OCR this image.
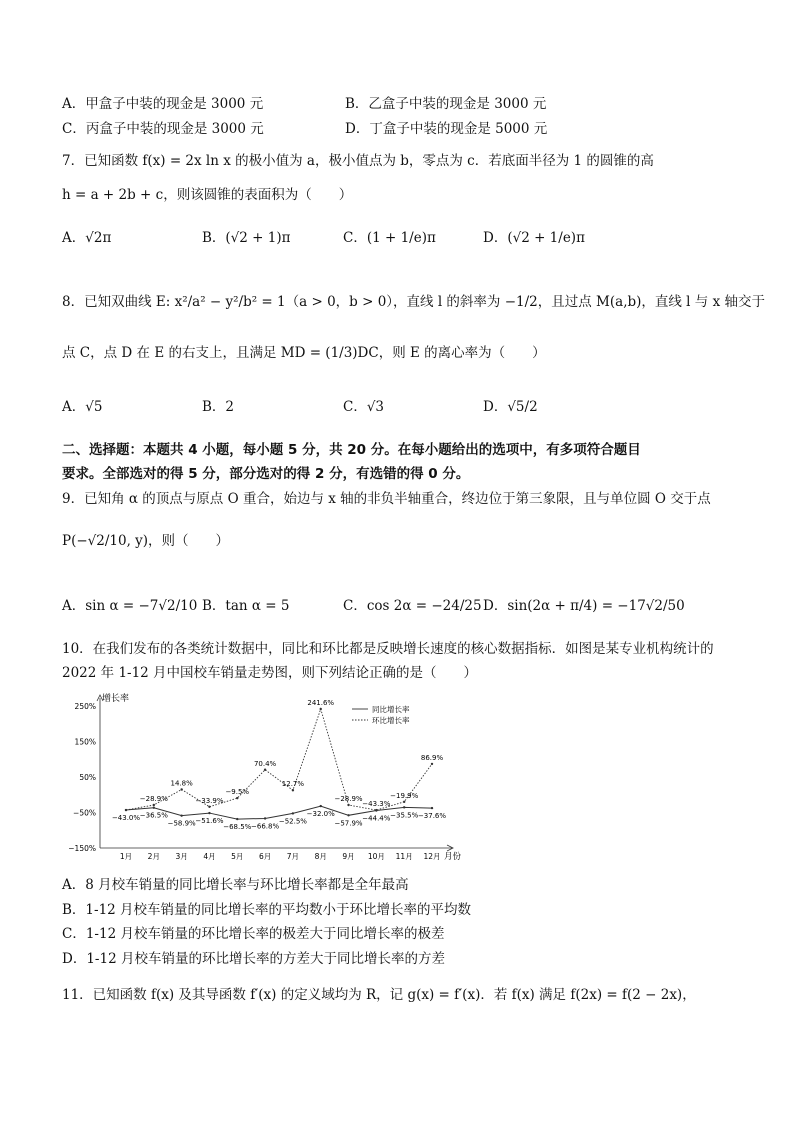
A．甲盒子中装的现金是 3000 元	B．乙盒子中装的现金是 3000 元
C．丙盒子中装的现金是 3000 元	D．丁盒子中装的现金是 5000 元
7．已知函数 f(x) = 2x ln x 的极小值为 a，极小值点为 b，零点为 c．若底面半径为 1 的圆锥的高
h = a + 2b + c，则该圆锥的表面积为（　　）
A．√2π	B．(√2 + 1)π	C．(1 + 1/e)π	D．(√2 + 1/e)π
8．已知双曲线 E: x²/a² − y²/b² = 1（a > 0，b > 0），直线 l 的斜率为 −1/2，且过点 M(a,b)，直线 l 与 x 轴交于
点 C，点 D 在 E 的右支上，且满足 MD = (1/3)DC，则 E 的离心率为（　　）
A．√5	B．2	C．√3	D．√5/2
二、选择题：本题共 4 小题，每小题 5 分，共 20 分。在每小题给出的选项中，有多项符合题目
要求。全部选对的得 5 分，部分选对的得 2 分，有选错的得 0 分。
9．已知角 α 的顶点与原点 O 重合，始边与 x 轴的非负半轴重合，终边位于第三象限，且与单位圆 O 交于点
P(−√2/10, y)，则（　　）
A．sin α = −7√2/10 B．tan α = 5	C．cos 2α = −24/25 D．sin(2α + π/4) = −17√2/50
10．在我们发布的各类统计数据中，同比和环比都是反映增长速度的核心数据指标．如图是某专业机构统计的
2022 年 1-12 月中国校车销量走势图，则下列结论正确的是（　　）
增长率
月份
250%
150%
50%
−50%
−150%
1月 2月 3月 4月 5月 6月 7月 8月 9月 10月 11月 12月
−43.0% −36.5%
−58.9% −51.6%
−68.5% −66.8%
−52.5%
−32.0%
−57.9%
−44.4% −35.5% −37.6%
−28.9%
14.8%
−33.9%
−9.5%
70.4%
12.7%
241.6%
−28.9%
−43.3%
−19.9%
86.9%
同比增长率
环比增长率
A．8 月校车销量的同比增长率与环比增长率都是全年最高
B．1-12 月校车销量的同比增长率的平均数小于环比增长率的平均数
C．1-12 月校车销量的环比增长率的极差大于同比增长率的极差
D．1-12 月校车销量的环比增长率的方差大于同比增长率的方差
11．已知函数 f(x) 及其导函数 f′(x) 的定义域均为 R，记 g(x) = f′(x)．若 f(x) 满足 f(2x) = f(2 − 2x)，
